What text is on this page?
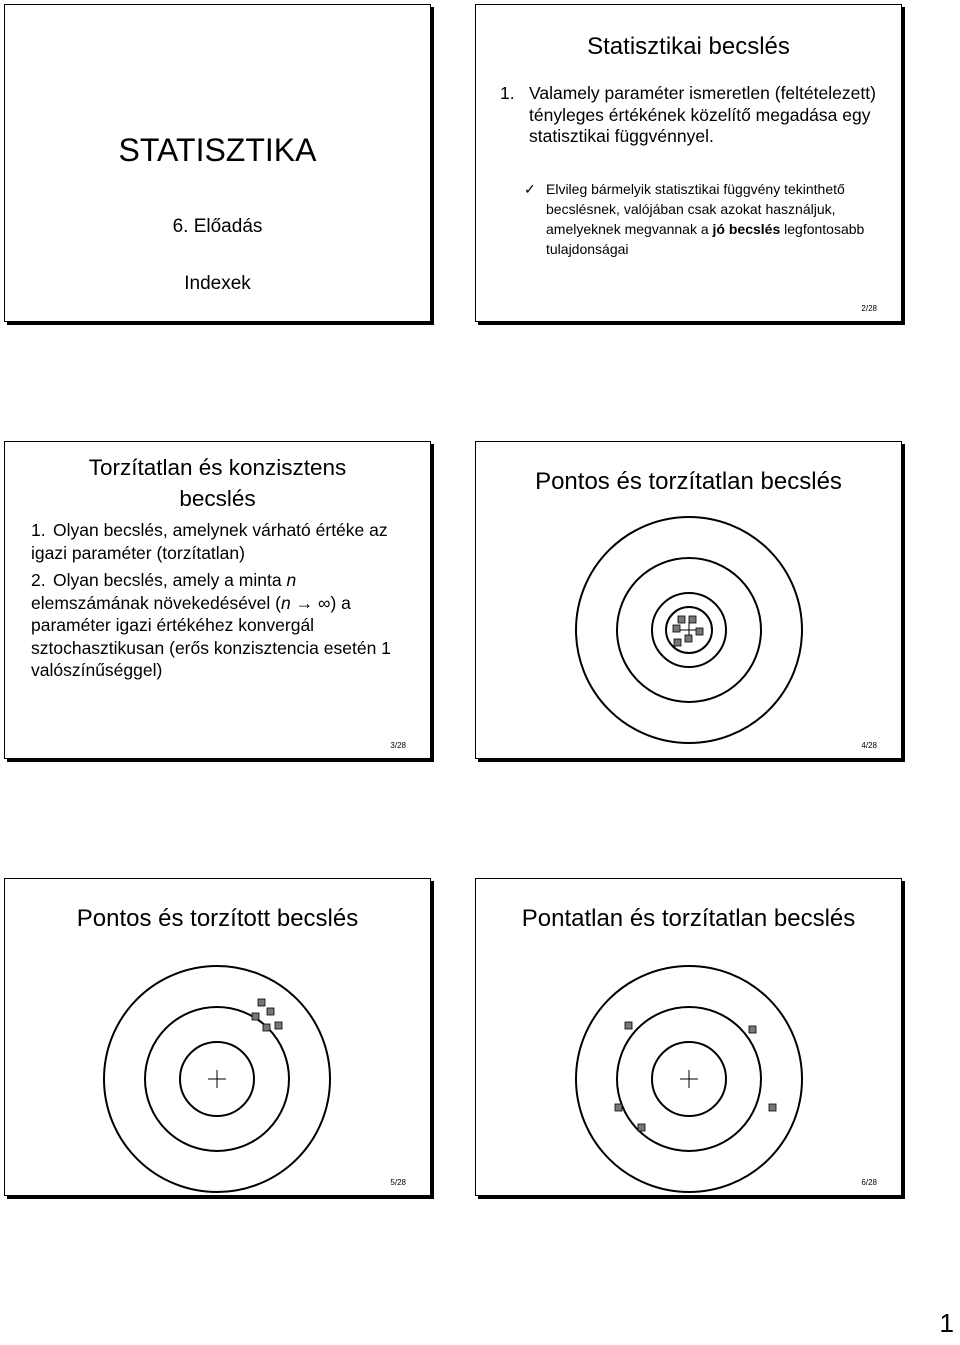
STATISZTIKA
6. Előadás
Indexek
Statisztikai becslés
1. Valamely paraméter ismeretlen (feltételezett) tényleges értékének közelítő megadása egy statisztikai függvénnyel.
✓ Elvileg bármelyik statisztikai függvény tekinthető becslésnek, valójában csak azokat használjuk, amelyeknek megvannak a jó becslés legfontosabb tulajdonságai
2/28
Torzítatlan és konzisztens
becslés
1. Olyan becslés, amelynek várható értéke az igazi paraméter (torzítatlan)
2. Olyan becslés, amely a minta n elemszámának növekedésével (n → ∞) a paraméter igazi értékéhez konvergál sztochasztikusan (erős konzisztencia esetén 1 valószínűséggel)
3/28
Pontos és torzítatlan becslés
4/28
Pontos és torzított becslés
5/28
Pontatlan és torzítatlan becslés
6/28
1
